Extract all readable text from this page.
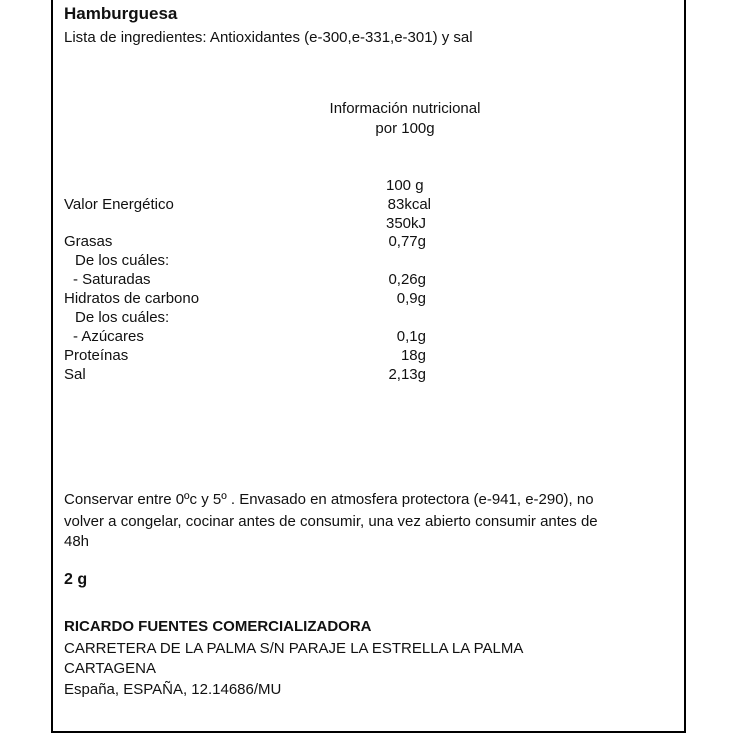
Hamburguesa
Lista de ingredientes: Antioxidantes (e-300,e-331,e-301) y sal
Información nutricional
por 100g
100 g
Valor Energético	83kcal
350kJ
Grasas	0,77g
De los cuáles:
- Saturadas	0,26g
Hidratos de carbono	0,9g
De los cuáles:
- Azúcares	0,1g
Proteínas	18g
Sal	2,13g
Conservar entre 0ºc y 5º . Envasado en atmosfera protectora (e-941, e-290), no
volver a congelar, cocinar antes de consumir, una vez abierto consumir antes de
48h
2 g
RICARDO FUENTES COMERCIALIZADORA
CARRETERA DE LA PALMA S/N PARAJE LA ESTRELLA LA PALMA
CARTAGENA
España, ESPAÑA, 12.14686/MU
